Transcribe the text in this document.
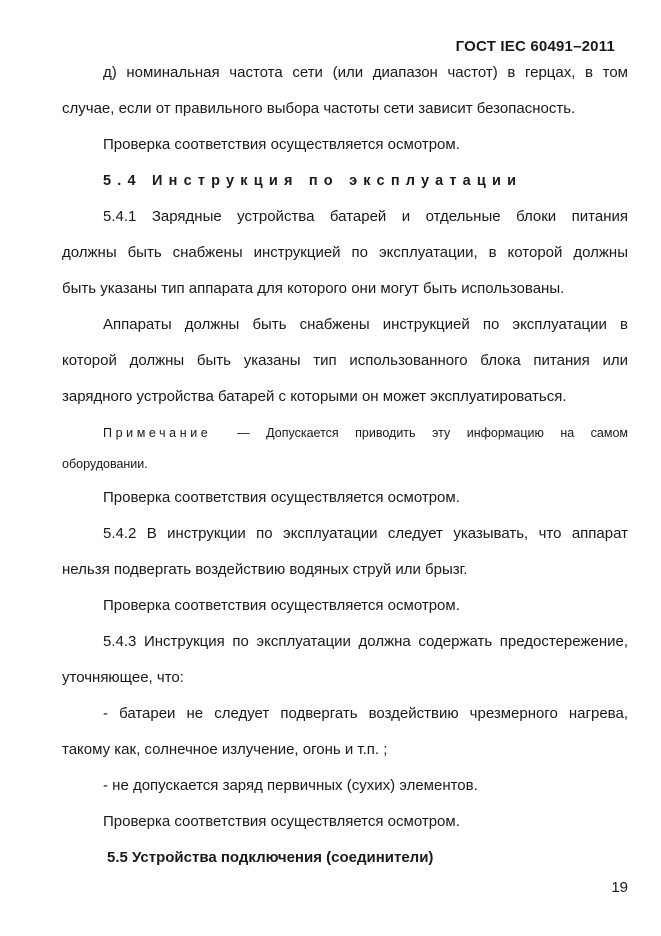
ГОСТ IEC 60491–2011
д) номинальная частота сети (или диапазон частот) в герцах, в том
случае, если от правильного выбора частоты сети зависит безопасность.
Проверка соответствия осуществляется осмотром.
5.4 Инструкция по эксплуатации
5.4.1 Зарядные устройства батарей и отдельные блоки питания
должны быть снабжены инструкцией по эксплуатации, в которой должны
быть указаны тип аппарата для которого они могут быть использованы.
Аппараты должны быть снабжены инструкцией по эксплуатации в
которой должны быть указаны тип использованного блока питания или
зарядного устройства батарей с которыми он может эксплуатироваться.
Примечание — Допускается приводить эту информацию на самом
оборудовании.
Проверка соответствия осуществляется осмотром.
5.4.2 В инструкции по эксплуатации следует указывать, что аппарат
нельзя подвергать воздействию водяных струй или брызг.
Проверка соответствия осуществляется осмотром.
5.4.3 Инструкция по эксплуатации должна содержать предостережение,
уточняющее, что:
- батареи не следует подвергать воздействию чрезмерного нагрева,
такому как, солнечное излучение, огонь и т.п. ;
- не допускается заряд первичных (сухих) элементов.
Проверка соответствия осуществляется осмотром.
5.5 Устройства подключения (соединители)
19
